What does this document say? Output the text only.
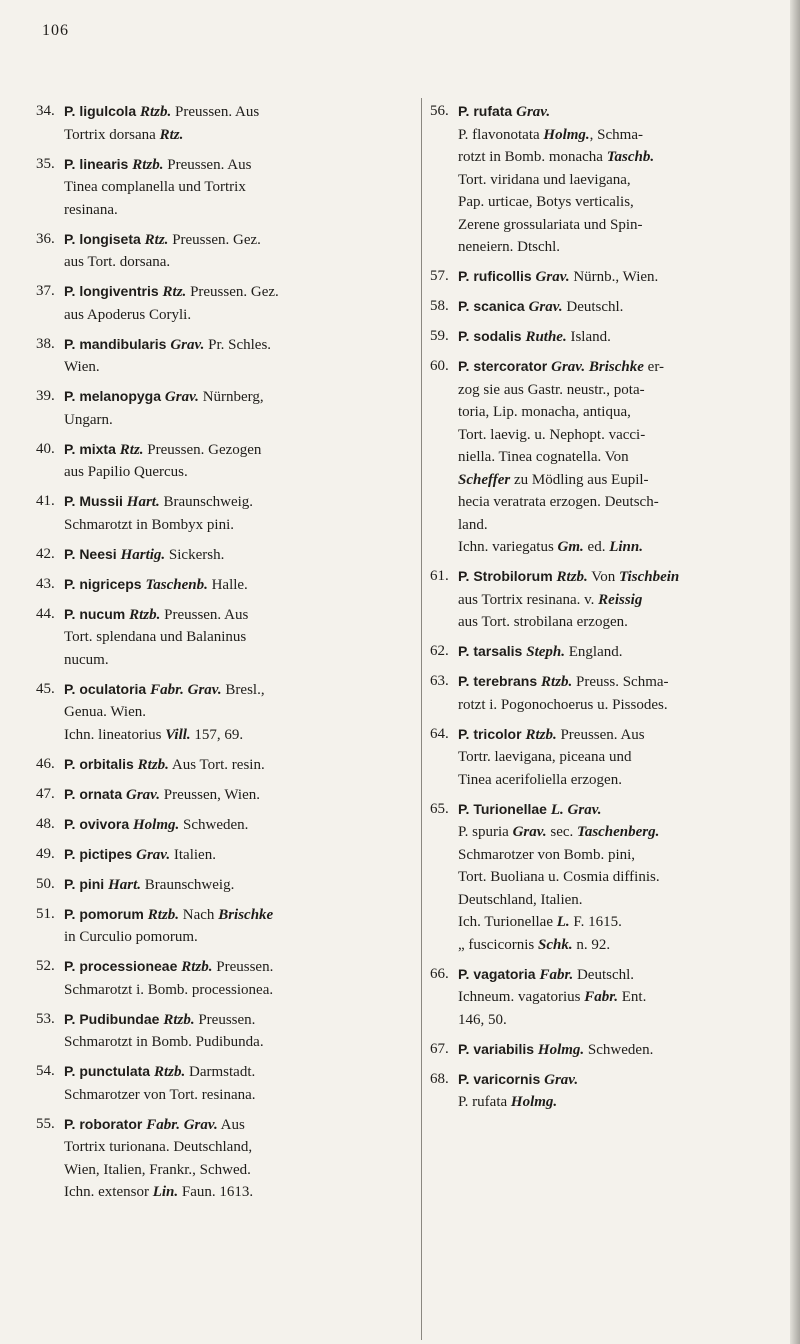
106
34. P. ligulcola Rtzb. Preussen. Aus
Tortrix dorsana Rtz.
35. P. linearis Rtzb. Preussen. Aus
Tinea complanella und Tortrix
resinana.
36. P. longiseta Rtz. Preussen. Gez.
aus Tort. dorsana.
37. P. longiventris Rtz. Preussen. Gez.
aus Apoderus Coryli.
38. P. mandibularis Grav. Pr. Schles.
Wien.
39. P. melanopyga Grav. Nürnberg,
Ungarn.
40. P. mixta Rtz. Preussen. Gezogen
aus Papilio Quercus.
41. P. Mussii Hart. Braunschweig.
Schmarotzt in Bombyx pini.
42. P. Neesi Hartig. Sickersh.
43. P. nigriceps Taschenb. Halle.
44. P. nucum Rtzb. Preussen. Aus
Tort. splendana und Balaninus
nucum.
45. P. oculatoria Fabr. Grav. Bresl.,
Genua. Wien.
Ichn. lineatorius Vill. 157, 69.
46. P. orbitalis Rtzb. Aus Tort. resin.
47. P. ornata Grav. Preussen, Wien.
48. P. ovivora Holmg. Schweden.
49. P. pictipes Grav. Italien.
50. P. pini Hart. Braunschweig.
51. P. pomorum Rtzb. Nach Brischke
in Curculio pomorum.
52. P. processioneae Rtzb. Preussen.
Schmarotzt i. Bomb. processionea.
53. P. Pudibundae Rtzb. Preussen.
Schmarotzt in Bomb. Pudibunda.
54. P. punctulata Rtzb. Darmstadt.
Schmarotzer von Tort. resinana.
55. P. roborator Fabr. Grav. Aus
Tortrix turionana. Deutschland,
Wien, Italien, Frankr., Schwed.
Ichn. extensor Lin. Faun. 1613.
56. P. rufata Grav.
P. flavonotata Holmg., Schma-
rotzt in Bomb. monacha Taschb.
Tort. viridana und laevigana,
Pap. urticae, Botys verticalis,
Zerene grossulariata und Spin-
neneiern. Dtschl.
57. P. ruficollis Grav. Nürnb., Wien.
58. P. scanica Grav. Deutschl.
59. P. sodalis Ruthe. Island.
60. P. stercorator Grav. Brischke er-
zog sie aus Gastr. neustr., pota-
toria, Lip. monacha, antiqua,
Tort. laevig. u. Nephopt. vacci-
niella. Tinea cognatella. Von
Scheffer zu Mödling aus Eupil-
hecia veratrata erzogen. Deutsch-
land.
Ichn. variegatus Gm. ed. Linn.
61. P. Strobilorum Rtzb. Von Tischbein
aus Tortrix resinana. v. Reissig
aus Tort. strobilana erzogen.
62. P. tarsalis Steph. England.
63. P. terebrans Rtzb. Preuss. Schma-
rotzt i. Pogonochoerus u. Pissodes.
64. P. tricolor Rtzb. Preussen. Aus
Tortr. laevigana, piceana und
Tinea acerifoliella erzogen.
65. P. Turionellae L. Grav.
P. spuria Grav. sec. Taschenberg.
Schmarotzer von Bomb. pini,
Tort. Buoliana u. Cosmia diffinis.
Deutschland, Italien.
Ich. Turionellae L. F. 1615.
„ fuscicornis Schk. n. 92.
66. P. vagatoria Fabr. Deutschl.
Ichneum. vagatorius Fabr. Ent.
146, 50.
67. P. variabilis Holmg. Schweden.
68. P. varicornis Grav.
P. rufata Holmg.
